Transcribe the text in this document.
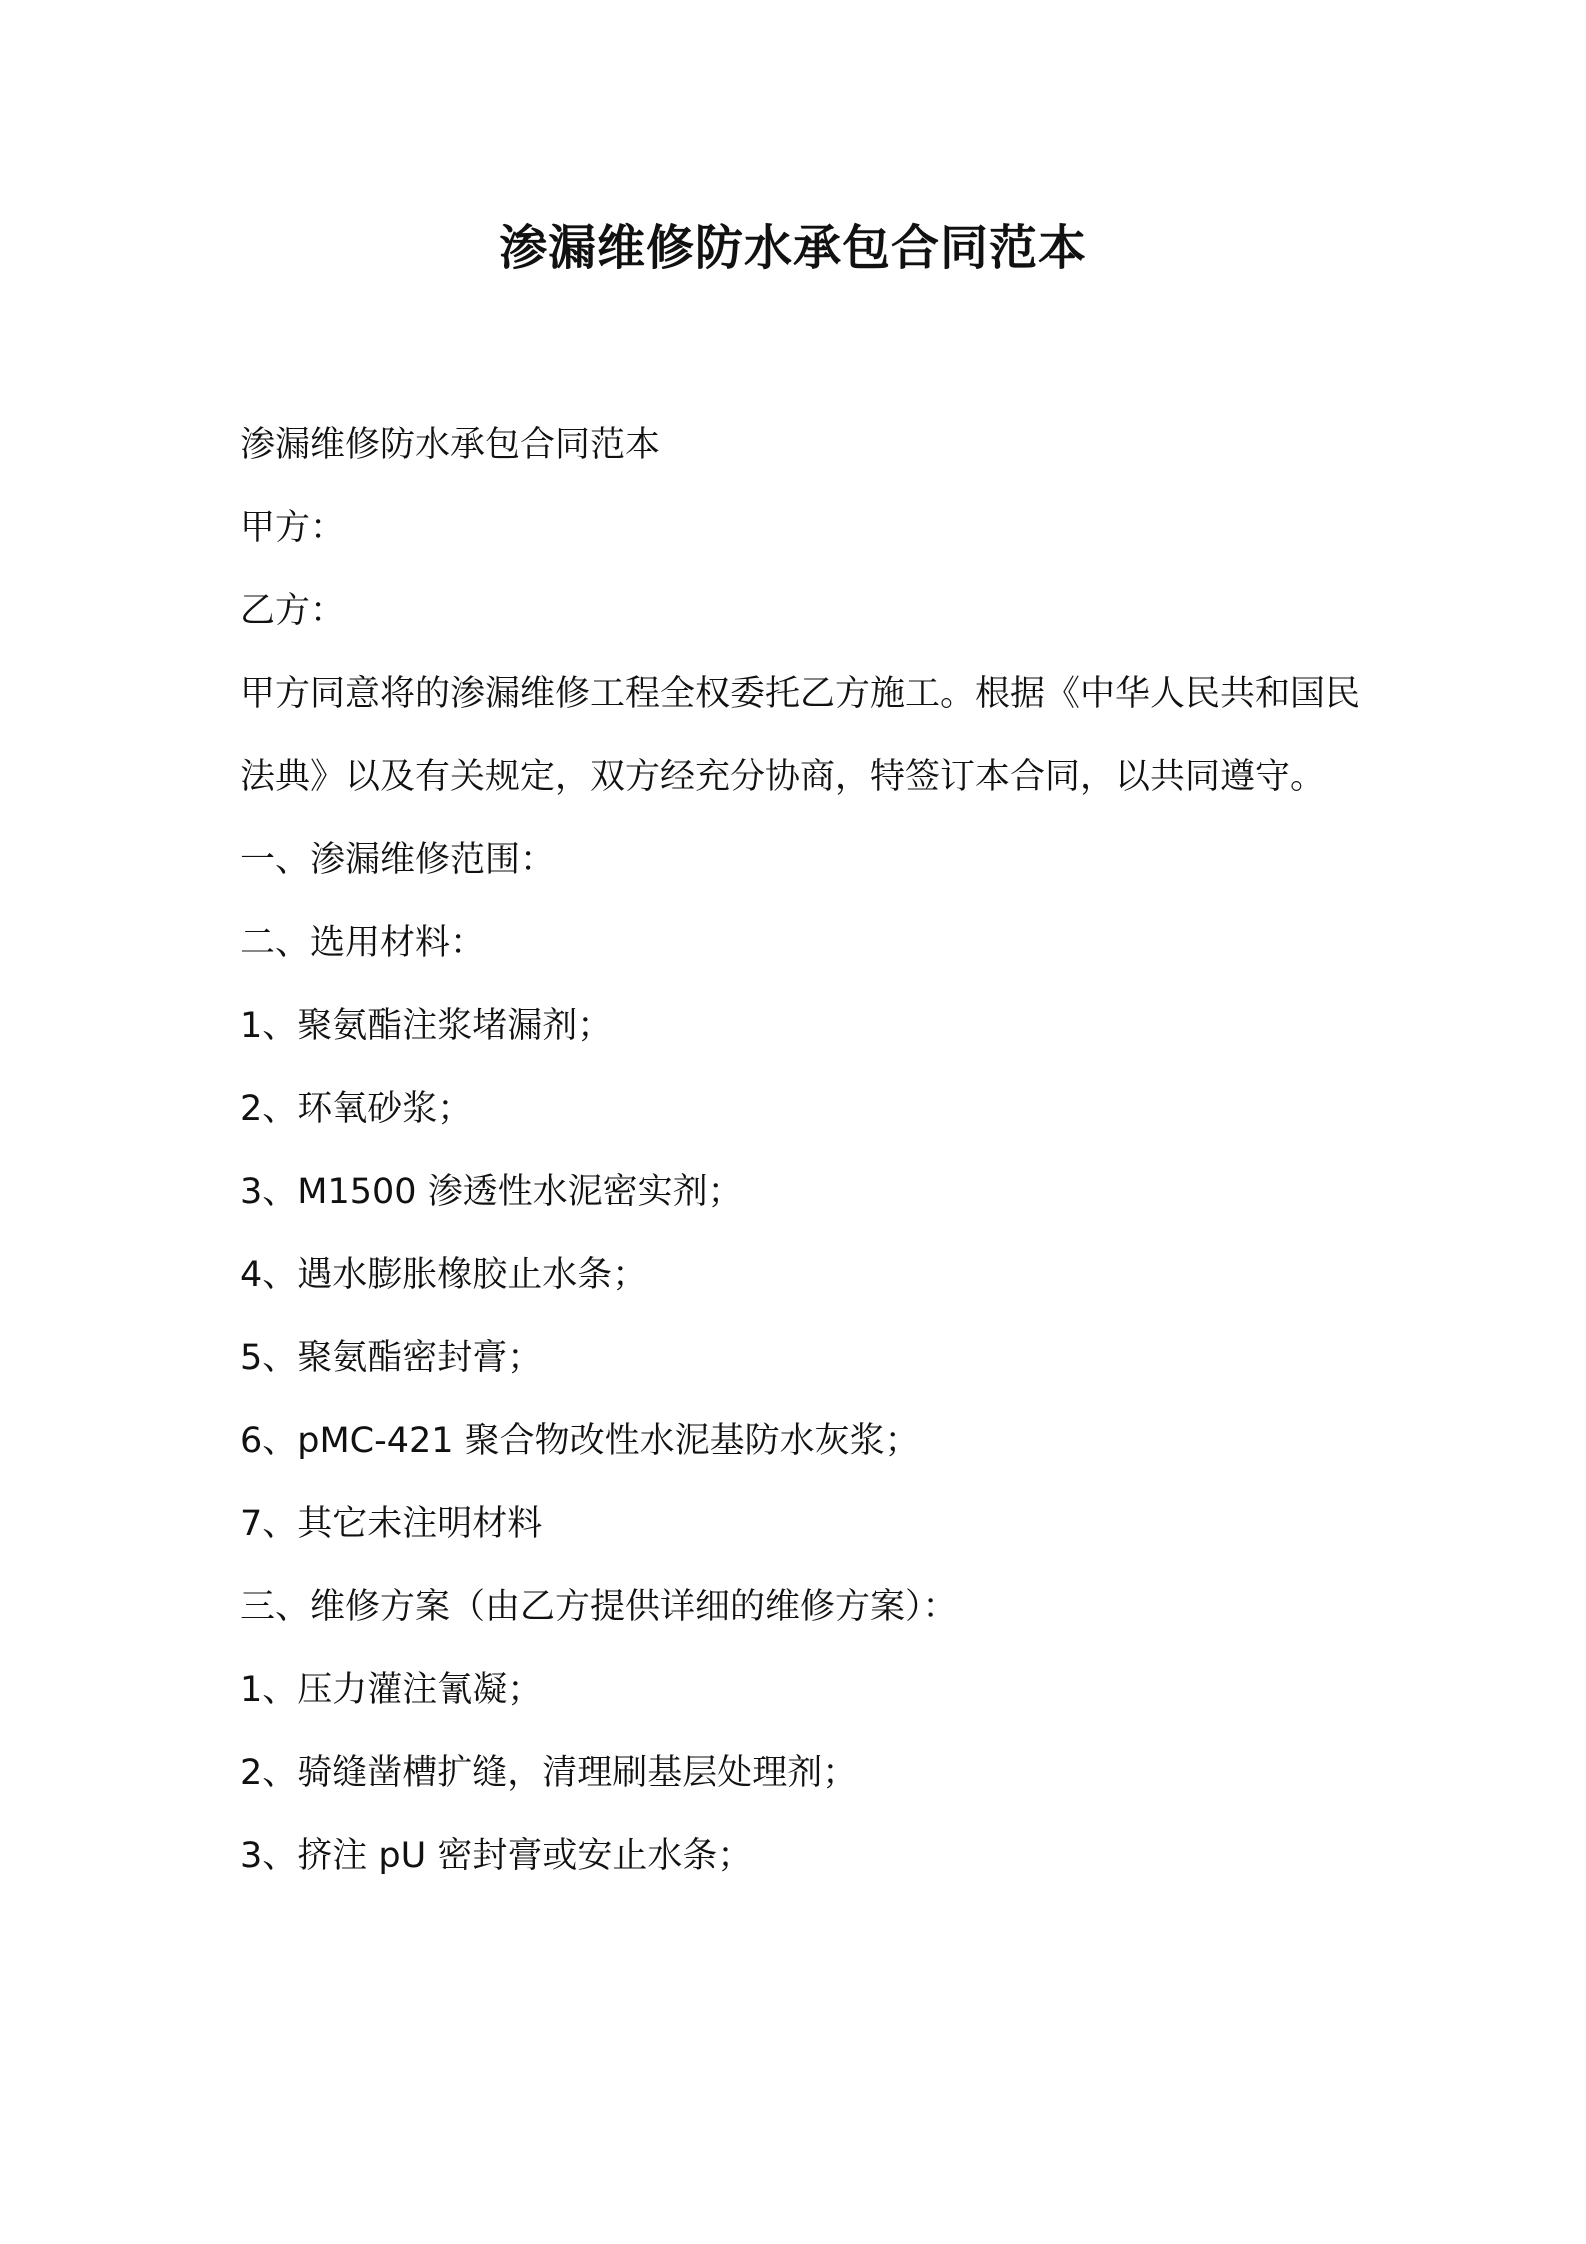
渗漏维修防水承包合同范本
渗漏维修防水承包合同范本
甲方：
乙方：
甲方同意将的渗漏维修工程全权委托乙方施工。根据《中华人民共和国民法典》以及有关规定，双方经充分协商，特签订本合同，以共同遵守。
一、渗漏维修范围：
二、选用材料：
1、聚氨酯注浆堵漏剂；
2、环氧砂浆；
3、M1500 渗透性水泥密实剂；
4、遇水膨胀橡胶止水条；
5、聚氨酯密封膏；
6、pMC-421 聚合物改性水泥基防水灰浆；
7、其它未注明材料
三、维修方案（由乙方提供详细的维修方案）：
1、压力灌注氰凝；
2、骑缝凿槽扩缝，清理刷基层处理剂；
3、挤注 pU 密封膏或安止水条；
